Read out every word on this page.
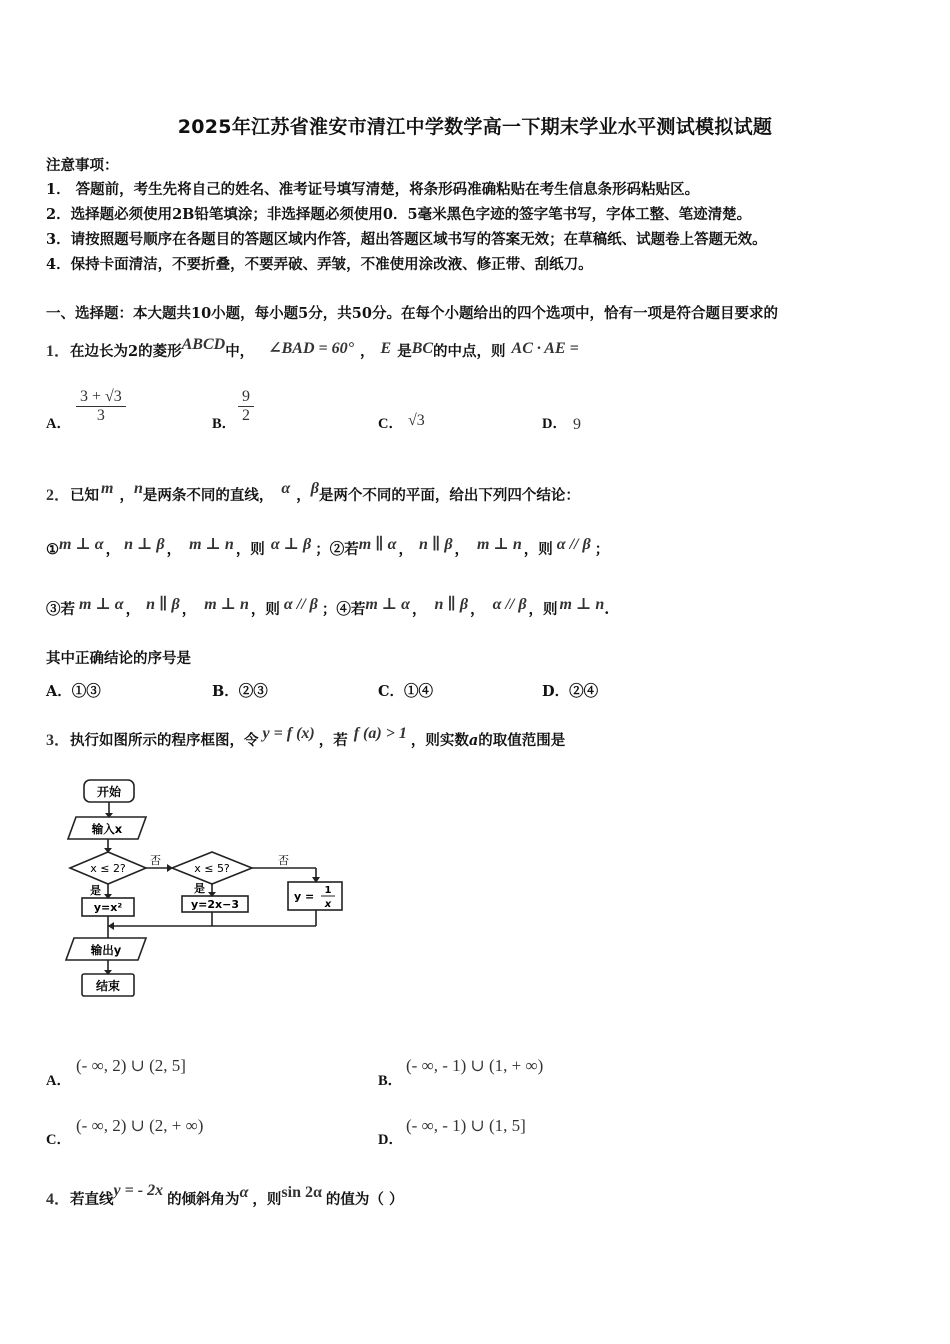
2025年江苏省淮安市清江中学数学高一下期末学业水平测试模拟试题
注意事项：
1． 答题前，考生先将自己的姓名、准考证号填写清楚，将条形码准确粘贴在考生信息条形码粘贴区。
2．选择题必须使用2B铅笔填涂；非选择题必须使用0．5毫米黑色字迹的签字笔书写，字体工整、笔迹清楚。
3．请按照题号顺序在各题目的答题区域内作答，超出答题区域书写的答案无效；在草稿纸、试题卷上答题无效。
4．保持卡面清洁，不要折叠，不要弄破、弄皱，不准使用涂改液、修正带、刮纸刀。
一、选择题：本大题共10小题，每小题5分，共50分。在每个小题给出的四个选项中，恰有一项是符合题目要求的
1．在边长为2的菱形ABCD中， ∠BAD = 60° ， E 是BC的中点，则 AC · AE =
A． $\frac{3 + √3}{3}$	B． $\frac{9}{2}$	C． √3	D． 9
2．已知 m ，n是两条不同的直线， α ，β是两个不同的平面，给出下列四个结论：
①m ⊥ α ， n ⊥ β ， m ⊥ n ，则 α ⊥ β ；②若m ∥ α ， n ∥ β ， m ⊥ n ，则 α // β ；
③若 m ⊥ α ， n ∥ β ， m ⊥ n ，则 α // β ；④若m ⊥ α ， n ∥ β ， α // β ，则 m ⊥ n.
其中正确结论的序号是
A．①③	B．②③	C．①④	D．②④
3．执行如图所示的程序框图，令 y = f (x) ，若 f (a) > 1 ，则实数a的取值范围是
开始
输入x
x ≤ 2?	x ≤ 5?
否	否
是	是
y=x²	y=2x−3
y = 1
x
输出y
结束
A．
(- ∞, 2) ∪ (2, 5]
B．
(- ∞, - 1) ∪ (1, + ∞)
C．
(- ∞, 2) ∪ (2, + ∞)
D．
(- ∞, - 1) ∪ (1, 5]
4．若直线y = - 2x的倾斜角为α ，则sin 2α 的值为（ ）
